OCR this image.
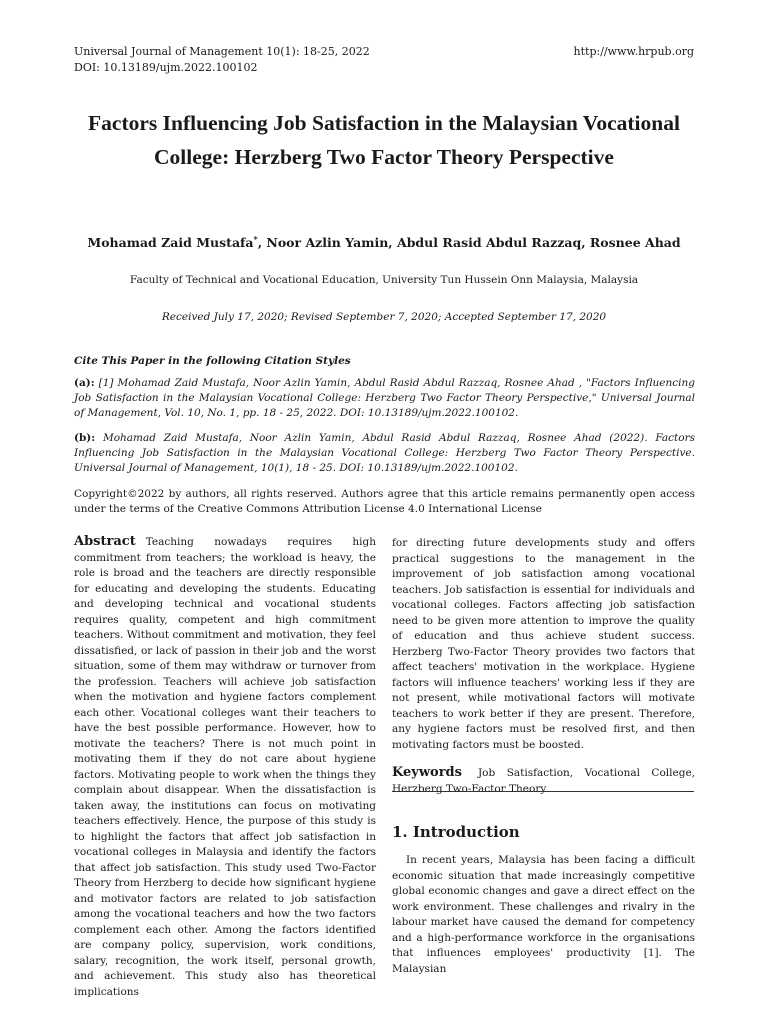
Universal Journal of Management 10(1): 18-25, 2022
DOI: 10.13189/ujm.2022.100102
http://www.hrpub.org
Factors Influencing Job Satisfaction in the Malaysian Vocational College: Herzberg Two Factor Theory Perspective
Mohamad Zaid Mustafa*, Noor Azlin Yamin, Abdul Rasid Abdul Razzaq, Rosnee Ahad
Faculty of Technical and Vocational Education, University Tun Hussein Onn Malaysia, Malaysia
Received July 17, 2020; Revised September 7, 2020; Accepted September 17, 2020
Cite This Paper in the following Citation Styles
(a): [1] Mohamad Zaid Mustafa, Noor Azlin Yamin, Abdul Rasid Abdul Razzaq, Rosnee Ahad , "Factors Influencing Job Satisfaction in the Malaysian Vocational College: Herzberg Two Factor Theory Perspective," Universal Journal of Management, Vol. 10, No. 1, pp. 18 - 25, 2022. DOI: 10.13189/ujm.2022.100102.
(b): Mohamad Zaid Mustafa, Noor Azlin Yamin, Abdul Rasid Abdul Razzaq, Rosnee Ahad (2022). Factors Influencing Job Satisfaction in the Malaysian Vocational College: Herzberg Two Factor Theory Perspective. Universal Journal of Management, 10(1), 18 - 25. DOI: 10.13189/ujm.2022.100102.
Copyright©2022 by authors, all rights reserved. Authors agree that this article remains permanently open access under the terms of the Creative Commons Attribution License 4.0 International License
Abstract Teaching nowadays requires high commitment from teachers; the workload is heavy, the role is broad and the teachers are directly responsible for educating and developing the students. Educating and developing technical and vocational students requires quality, competent and high commitment teachers. Without commitment and motivation, they feel dissatisfied, or lack of passion in their job and the worst situation, some of them may withdraw or turnover from the profession. Teachers will achieve job satisfaction when the motivation and hygiene factors complement each other. Vocational colleges want their teachers to have the best possible performance. However, how to motivate the teachers? There is not much point in motivating them if they do not care about hygiene factors. Motivating people to work when the things they complain about disappear. When the dissatisfaction is taken away, the institutions can focus on motivating teachers effectively. Hence, the purpose of this study is to highlight the factors that affect job satisfaction in vocational colleges in Malaysia and identify the factors that affect job satisfaction. This study used Two-Factor Theory from Herzberg to decide how significant hygiene and motivator factors are related to job satisfaction among the vocational teachers and how the two factors complement each other. Among the factors identified are company policy, supervision, work conditions, salary, recognition, the work itself, personal growth, and achievement. This study also has theoretical implications
for directing future developments study and offers practical suggestions to the management in the improvement of job satisfaction among vocational teachers. Job satisfaction is essential for individuals and vocational colleges. Factors affecting job satisfaction need to be given more attention to improve the quality of education and thus achieve student success. Herzberg Two-Factor Theory provides two factors that affect teachers' motivation in the workplace. Hygiene factors will influence teachers' working less if they are not present, while motivational factors will motivate teachers to work better if they are present. Therefore, any hygiene factors must be resolved first, and then motivating factors must be boosted.
Keywords Job Satisfaction, Vocational College, Herzberg Two-Factor Theory
1. Introduction
In recent years, Malaysia has been facing a difficult economic situation that made increasingly competitive global economic changes and gave a direct effect on the work environment. These challenges and rivalry in the labour market have caused the demand for competency and a high-performance workforce in the organisations that influences employees' productivity [1]. The Malaysian
